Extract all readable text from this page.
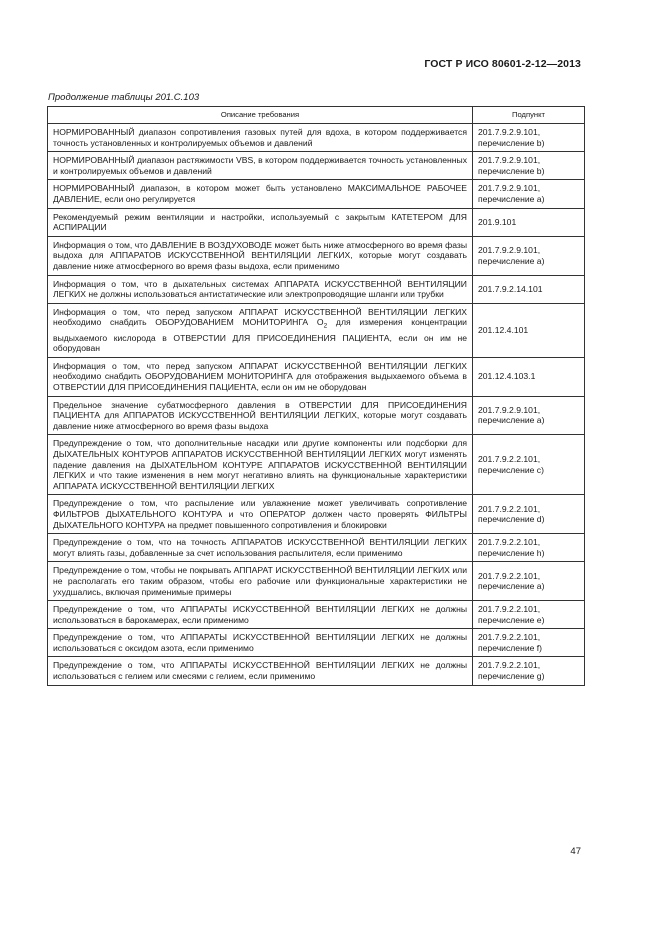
ГОСТ Р ИСО 80601-2-12—2013
Продолжение таблицы 201.C.103
Описание требования	Подпункт
НОРМИРОВАННЫЙ диапазон сопротивления газовых путей для вдоха, в котором поддерживается точность установленных и контролируемых объемов и давлений	201.7.9.2.9.101, перечисление b)
НОРМИРОВАННЫЙ диапазон растяжимости VBS, в котором поддерживается точность установленных и контролируемых объемов и давлений	201.7.9.2.9.101, перечисление b)
НОРМИРОВАННЫЙ диапазон, в котором может быть установлено МАКСИМАЛЬНОЕ РАБОЧЕЕ ДАВЛЕНИЕ, если оно регулируется	201.7.9.2.9.101, перечисление a)
Рекомендуемый режим вентиляции и настройки, используемый с закрытым КАТЕТЕРОМ ДЛЯ АСПИРАЦИИ	201.9.101
Информация о том, что ДАВЛЕНИЕ В ВОЗДУХОВОДЕ может быть ниже атмосферного во время фазы выдоха для АППАРАТОВ ИСКУССТВЕННОЙ ВЕНТИЛЯЦИИ ЛЕГКИХ, которые могут создавать давление ниже атмосферного во время фазы выдоха, если применимо	201.7.9.2.9.101, перечисление a)
Информация о том, что в дыхательных системах АППАРАТА ИСКУССТВЕННОЙ ВЕНТИЛЯЦИИ ЛЕГКИХ не должны использоваться антистатические или электропроводящие шланги или трубки	201.7.9.2.14.101
Информация о том, что перед запуском АППАРАТ ИСКУССТВЕННОЙ ВЕНТИЛЯЦИИ ЛЕГКИХ необходимо снабдить ОБОРУДОВАНИЕМ МОНИТОРИНГА $О_2$ для измерения концентрации выдыхаемого кислорода в ОТВЕРСТИИ ДЛЯ ПРИСОЕДИНЕНИЯ ПАЦИЕНТА, если он им не оборудован	201.12.4.101
Информация о том, что перед запуском АППАРАТ ИСКУССТВЕННОЙ ВЕНТИЛЯЦИИ ЛЕГКИХ необходимо снабдить ОБОРУДОВАНИЕМ МОНИТОРИНГА для отображения выдыхаемого объема в ОТВЕРСТИИ ДЛЯ ПРИСОЕДИНЕНИЯ ПАЦИЕНТА, если он им не оборудован	201.12.4.103.1
Предельное значение субатмосферного давления в ОТВЕРСТИИ ДЛЯ ПРИСОЕДИНЕНИЯ ПАЦИЕНТА для АППАРАТОВ ИСКУССТВЕННОЙ ВЕНТИЛЯЦИИ ЛЕГКИХ, которые могут создавать давление ниже атмосферного во время фазы выдоха	201.7.9.2.9.101, перечисление a)
Предупреждение о том, что дополнительные насадки или другие компоненты или подсборки для ДЫХАТЕЛЬНЫХ КОНТУРОВ АППАРАТОВ ИСКУССТВЕННОЙ ВЕНТИЛЯЦИИ ЛЕГКИХ могут изменять падение давления на ДЫХАТЕЛЬНОМ КОНТУРЕ АППАРАТОВ ИСКУССТВЕННОЙ ВЕНТИЛЯЦИИ ЛЕГКИХ и что такие изменения в нем могут негативно влиять на функциональные характеристики АППАРАТА ИСКУССТВЕННОЙ ВЕНТИЛЯЦИИ ЛЕГКИХ	201.7.9.2.2.101, перечисление c)
Предупреждение о том, что распыление или увлажнение может увеличивать сопротивление ФИЛЬТРОВ ДЫХАТЕЛЬНОГО КОНТУРА и что ОПЕРАТОР должен часто проверять ФИЛЬТРЫ ДЫХАТЕЛЬНОГО КОНТУРА на предмет повышенного сопротивления и блокировки	201.7.9.2.2.101, перечисление d)
Предупреждение о том, что на точность АППАРАТОВ ИСКУССТВЕННОЙ ВЕНТИЛЯЦИИ ЛЕГКИХ могут влиять газы, добавленные за счет использования распылителя, если применимо	201.7.9.2.2.101, перечисление h)
Предупреждение о том, чтобы не покрывать АППАРАТ ИСКУССТВЕННОЙ ВЕНТИЛЯЦИИ ЛЕГКИХ или не располагать его таким образом, чтобы его рабочие или функциональные характеристики не ухудшались, включая применимые примеры	201.7.9.2.2.101, перечисление a)
Предупреждение о том, что АППАРАТЫ ИСКУССТВЕННОЙ ВЕНТИЛЯЦИИ ЛЕГКИХ не должны использоваться в барокамерах, если применимо	201.7.9.2.2.101, перечисление e)
Предупреждение о том, что АППАРАТЫ ИСКУССТВЕННОЙ ВЕНТИЛЯЦИИ ЛЕГКИХ не должны использоваться с оксидом азота, если применимо	201.7.9.2.2.101, перечисление f)
Предупреждение о том, что АППАРАТЫ ИСКУССТВЕННОЙ ВЕНТИЛЯЦИИ ЛЕГКИХ не должны использоваться с гелием или смесями с гелием, если применимо	201.7.9.2.2.101, перечисление g)
47
